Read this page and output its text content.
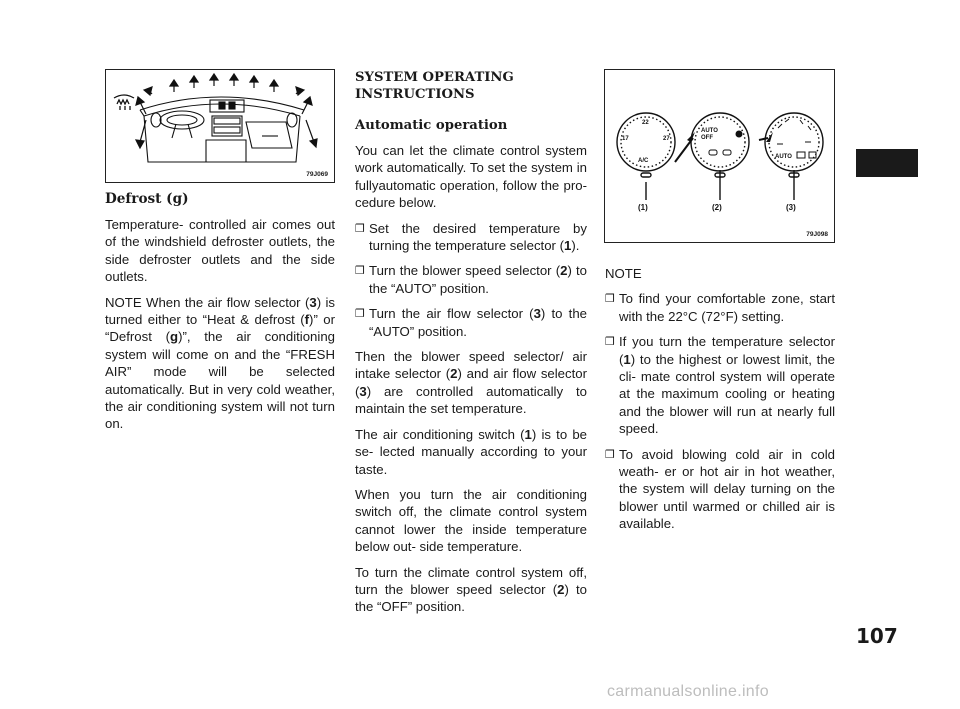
79J069

Defrost (g)

Temperature- controlled air comes out of the windshield defroster outlets, the side defroster outlets and the side outlets.

NOTE When the air flow selector (3) is turned either to “Heat & defrost (f)” or “Defrost (g)”, the air conditioning system will come on and the “FRESH AIR” mode will be selected automatically. But in very cold weather, the air conditioning system will not turn on.

SYSTEM OPERATING
INSTRUCTIONS

Automatic operation

You can let the climate control system work automatically. To set the system in fullyautomatic operation, follow the pro- cedure below.

❒ Set the desired temperature by turning the temperature selector (1).

❒ Turn the blower speed selector (2) to the “AUTO” position.

❒ Turn the air flow selector (3) to the “AUTO” position.

Then the blower speed selector/ air intake selector (2) and air flow selector (3) are controlled automatically to maintain the set temperature.

The air conditioning switch (1) is to be se- lected manually according to your taste.

When you turn the air conditioning switch off, the climate control system cannot lower the inside temperature below out- side temperature.

To turn the climate control system off, turn the blower speed selector (2) to the “OFF” position.

22
17	27
A/C
AUTO
OFF
AUTO
(1)	(2)	(3)
79J098

NOTE

❒ To find your comfortable zone, start with the 22°C (72°F) setting.

❒ If you turn the temperature selector (1) to the highest or lowest limit, the cli- mate control system will operate at the maximum cooling or heating and the blower will run at nearly full speed.

❒ To avoid blowing cold air in cold weath- er or hot air in hot weather, the system will delay turning on the blower until warmed or chilled air is available.

107
carmanualsonline.info
